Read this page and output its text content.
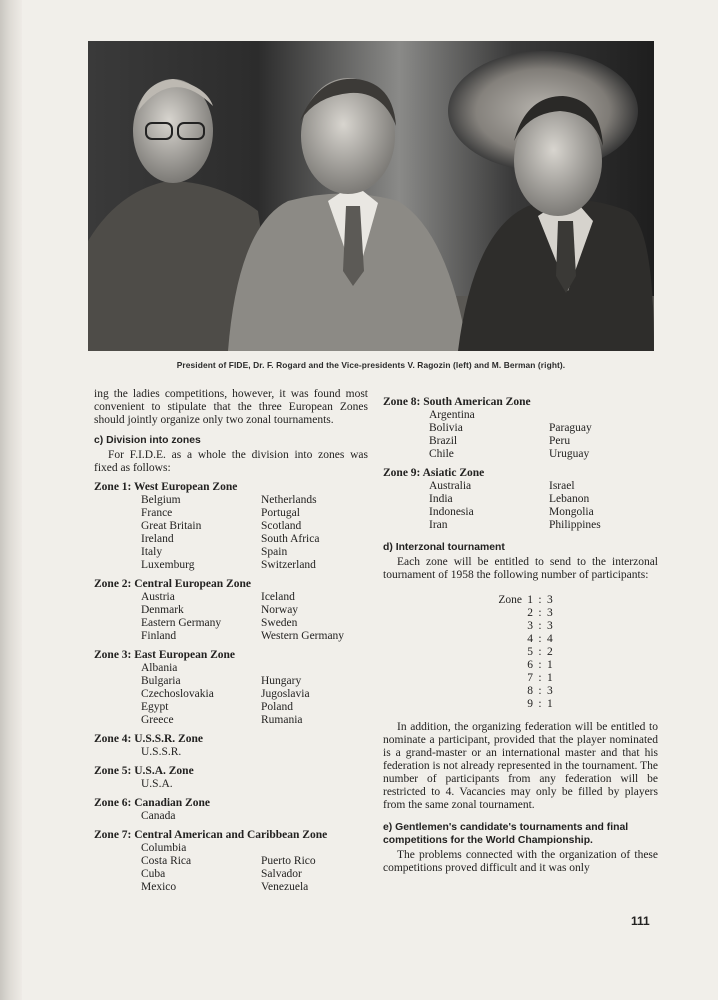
President of FIDE, Dr. F. Rogard and the Vice-presidents V. Ragozin (left) and M. Berman (right).

ing the ladies competitions, however, it was found most convenient to stipulate that the three European Zones should jointly organize only two zonal tournaments.

c) Division into zones

For F.I.D.E. as a whole the division into zones was fixed as follows:

Zone 1: West European Zone
Belgium	Netherlands
France	Portugal
Great Britain	Scotland
Ireland	South Africa
Italy	Spain
Luxemburg	Switzerland
Zone 2: Central European Zone
Austria	Iceland
Denmark	Norway
Eastern Germany	Sweden
Finland	Western Germany
Zone 3: East European Zone
Albania
Bulgaria	Hungary
Czechoslovakia	Jugoslavia
Egypt	Poland
Greece	Rumania
Zone 4: U.S.S.R. Zone
U.S.S.R.
Zone 5: U.S.A. Zone
U.S.A.
Zone 6: Canadian Zone
Canada
Zone 7: Central American and Caribbean Zone
Columbia
Costa Rica	Puerto Rico
Cuba	Salvador
Mexico	Venezuela
Zone 8: South American Zone
Argentina
Bolivia	Paraguay
Brazil	Peru
Chile	Uruguay
Zone 9: Asiatic Zone
Australia	Israel
India	Lebanon
Indonesia	Mongolia
Iran	Philippines
d) Interzonal tournament

Each zone will be entitled to send to the interzonal tournament of 1958 the following number of participants:

Zone 1 : 3
2 : 3
3 : 3
4 : 4
5 : 2
6 : 1
7 : 1
8 : 3
9 : 1

In addition, the organizing federation will be entitled to nominate a participant, provided that the player nominated is a grand-master or an international master and that his federation is not already represented in the tournament. The number of participants from any federation will be restricted to 4. Vacancies may only be filled by players from the same zonal tournament.

e) Gentlemen's candidate's tournaments and final competitions for the World Championship.

The problems connected with the organization of these competitions proved difficult and it was only

111
